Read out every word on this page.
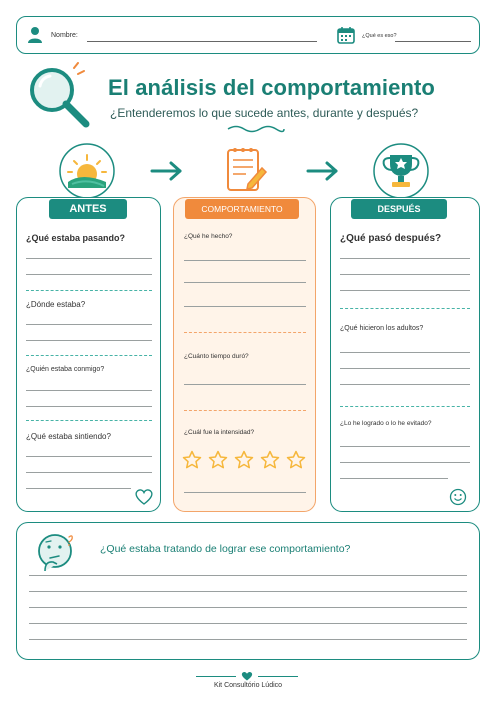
Nombre:	¿Qué es eso?
El análisis del comportamiento
¿Entenderemos lo que sucede antes, durante y después?
ANTES
¿Qué estaba pasando?
¿Dónde estaba?
¿Quién estaba conmigo?
¿Qué estaba sintiendo?
COMPORTAMIENTO
¿Qué he hecho?
¿Cuánto tiempo duró?
¿Cuál fue la intensidad?
DESPUÉS
¿Qué pasó después?
¿Qué hicieron los adultos?
¿Lo he logrado o lo he evitado?
¿Qué estaba tratando de lograr ese comportamiento?
Kit Consultório Lúdico
